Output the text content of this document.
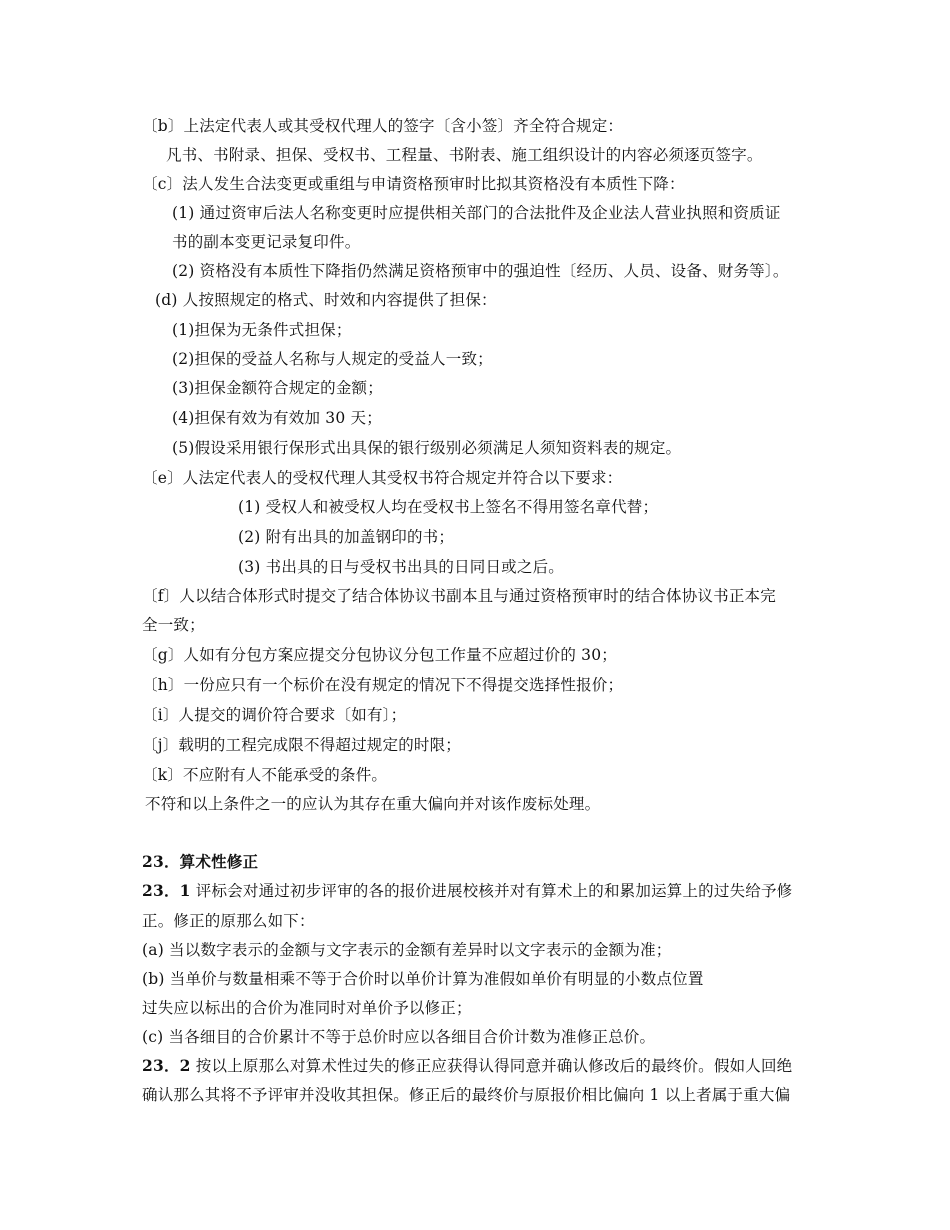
〔b〕上法定代表人或其受权代理人的签字〔含小签〕齐全符合规定：
凡书、书附录、担保、受权书、工程量、书附表、施工组织设计的内容必须逐页签字。
〔c〕法人发生合法变更或重组与申请资格预审时比拟其资格没有本质性下降：
(1) 通过资审后法人名称变更时应提供相关部门的合法批件及企业法人营业执照和资质证
书的副本变更记录复印件。
(2) 资格没有本质性下降指仍然满足资格预审中的强迫性〔经历、人员、设备、财务等〕。
(d) 人按照规定的格式、时效和内容提供了担保：
(1)担保为无条件式担保；
(2)担保的受益人名称与人规定的受益人一致；
(3)担保金额符合规定的金额；
(4)担保有效为有效加 30 天；
(5)假设采用银行保形式出具保的银行级别必须满足人须知资料表的规定。
〔e〕人法定代表人的受权代理人其受权书符合规定并符合以下要求：
(1) 受权人和被受权人均在受权书上签名不得用签名章代替；
(2) 附有出具的加盖钢印的书；
(3) 书出具的日与受权书出具的日同日或之后。
〔f〕人以结合体形式时提交了结合体协议书副本且与通过资格预审时的结合体协议书正本完
全一致；
〔g〕人如有分包方案应提交分包协议分包工作量不应超过价的 30；
〔h〕一份应只有一个标价在没有规定的情况下不得提交选择性报价；
〔i〕人提交的调价符合要求〔如有〕；
〔j〕载明的工程完成限不得超过规定的时限；
〔k〕不应附有人不能承受的条件。
不符和以上条件之一的应认为其存在重大偏向并对该作废标处理。
23．算术性修正
23．1 评标会对通过初步评审的各的报价进展校核并对有算术上的和累加运算上的过失给予修
正。修正的原那么如下：
(a) 当以数字表示的金额与文字表示的金额有差异时以文字表示的金额为准；
(b) 当单价与数量相乘不等于合价时以单价计算为准假如单价有明显的小数点位置
过失应以标出的合价为准同时对单价予以修正；
(c) 当各细目的合价累计不等于总价时应以各细目合价计数为准修正总价。
23．2 按以上原那么对算术性过失的修正应获得认得同意并确认修改后的最终价。假如人回绝
确认那么其将不予评审并没收其担保。修正后的最终价与原报价相比偏向 1 以上者属于重大偏
